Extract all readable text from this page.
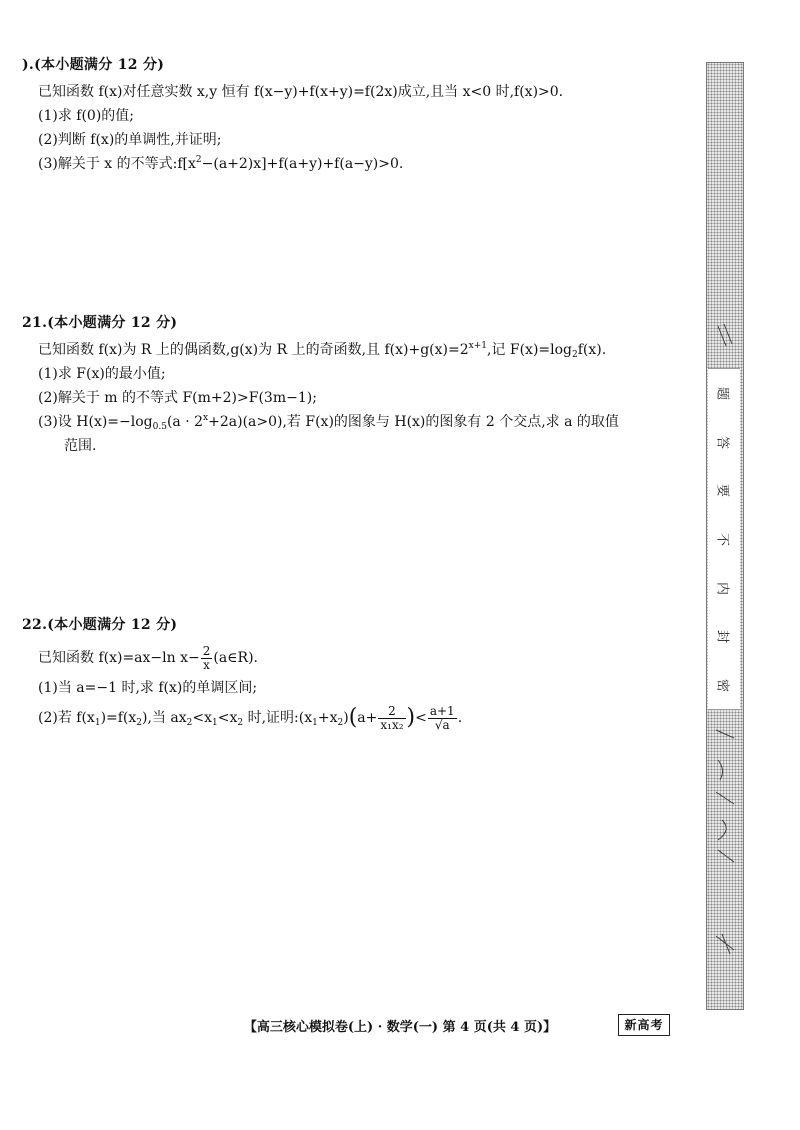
).(本小题满分 12 分)

已知函数 f(x)对任意实数 x,y 恒有 f(x−y)+f(x+y)=f(2x)成立,且当 x<0 时,f(x)>0.

(1)求 f(0)的值;

(2)判断 f(x)的单调性,并证明;

(3)解关于 x 的不等式$:f[x^2-(a+2)x]+f(a+y)+f(a-y)>0$.

21.(本小题满分 12 分)

已知函数 f(x)为 R 上的偶函数,g(x)为 R 上的奇函数,且 $f(x)+g(x)=2^{x+1}$,记 $F(x)=\log_2f(x)$.

(1)求 F(x)的最小值;

(2)解关于 m 的不等式 F(m+2)>F(3m−1);

(3)设 $H(x)=-\log_{0.5}(a \cdot 2^x+2a)(a>0)$,若 F(x)的图象与 H(x)的图象有 2 个交点,求 a 的取值

范围.

22.(本小题满分 12 分)

已知函数 f(x)=ax−ln $x- \frac{2}{x}$ (a∈R).

(1)当 a=−1 时,求 f(x)的单调区间;

(2)若 $f(x_1)=f(x_2)$,当 $ax_2<x_1<x_2$ 时,证明$:(x_1+x_2)(a+ \frac{2}{\text{x₁x₂}}$ )< $\frac{a+1}{√a}$ .

题
答
要
不
内
封
密
【高三核心模拟卷(上) · 数学(一) 第 4 页(共 4 页)】	新高考
